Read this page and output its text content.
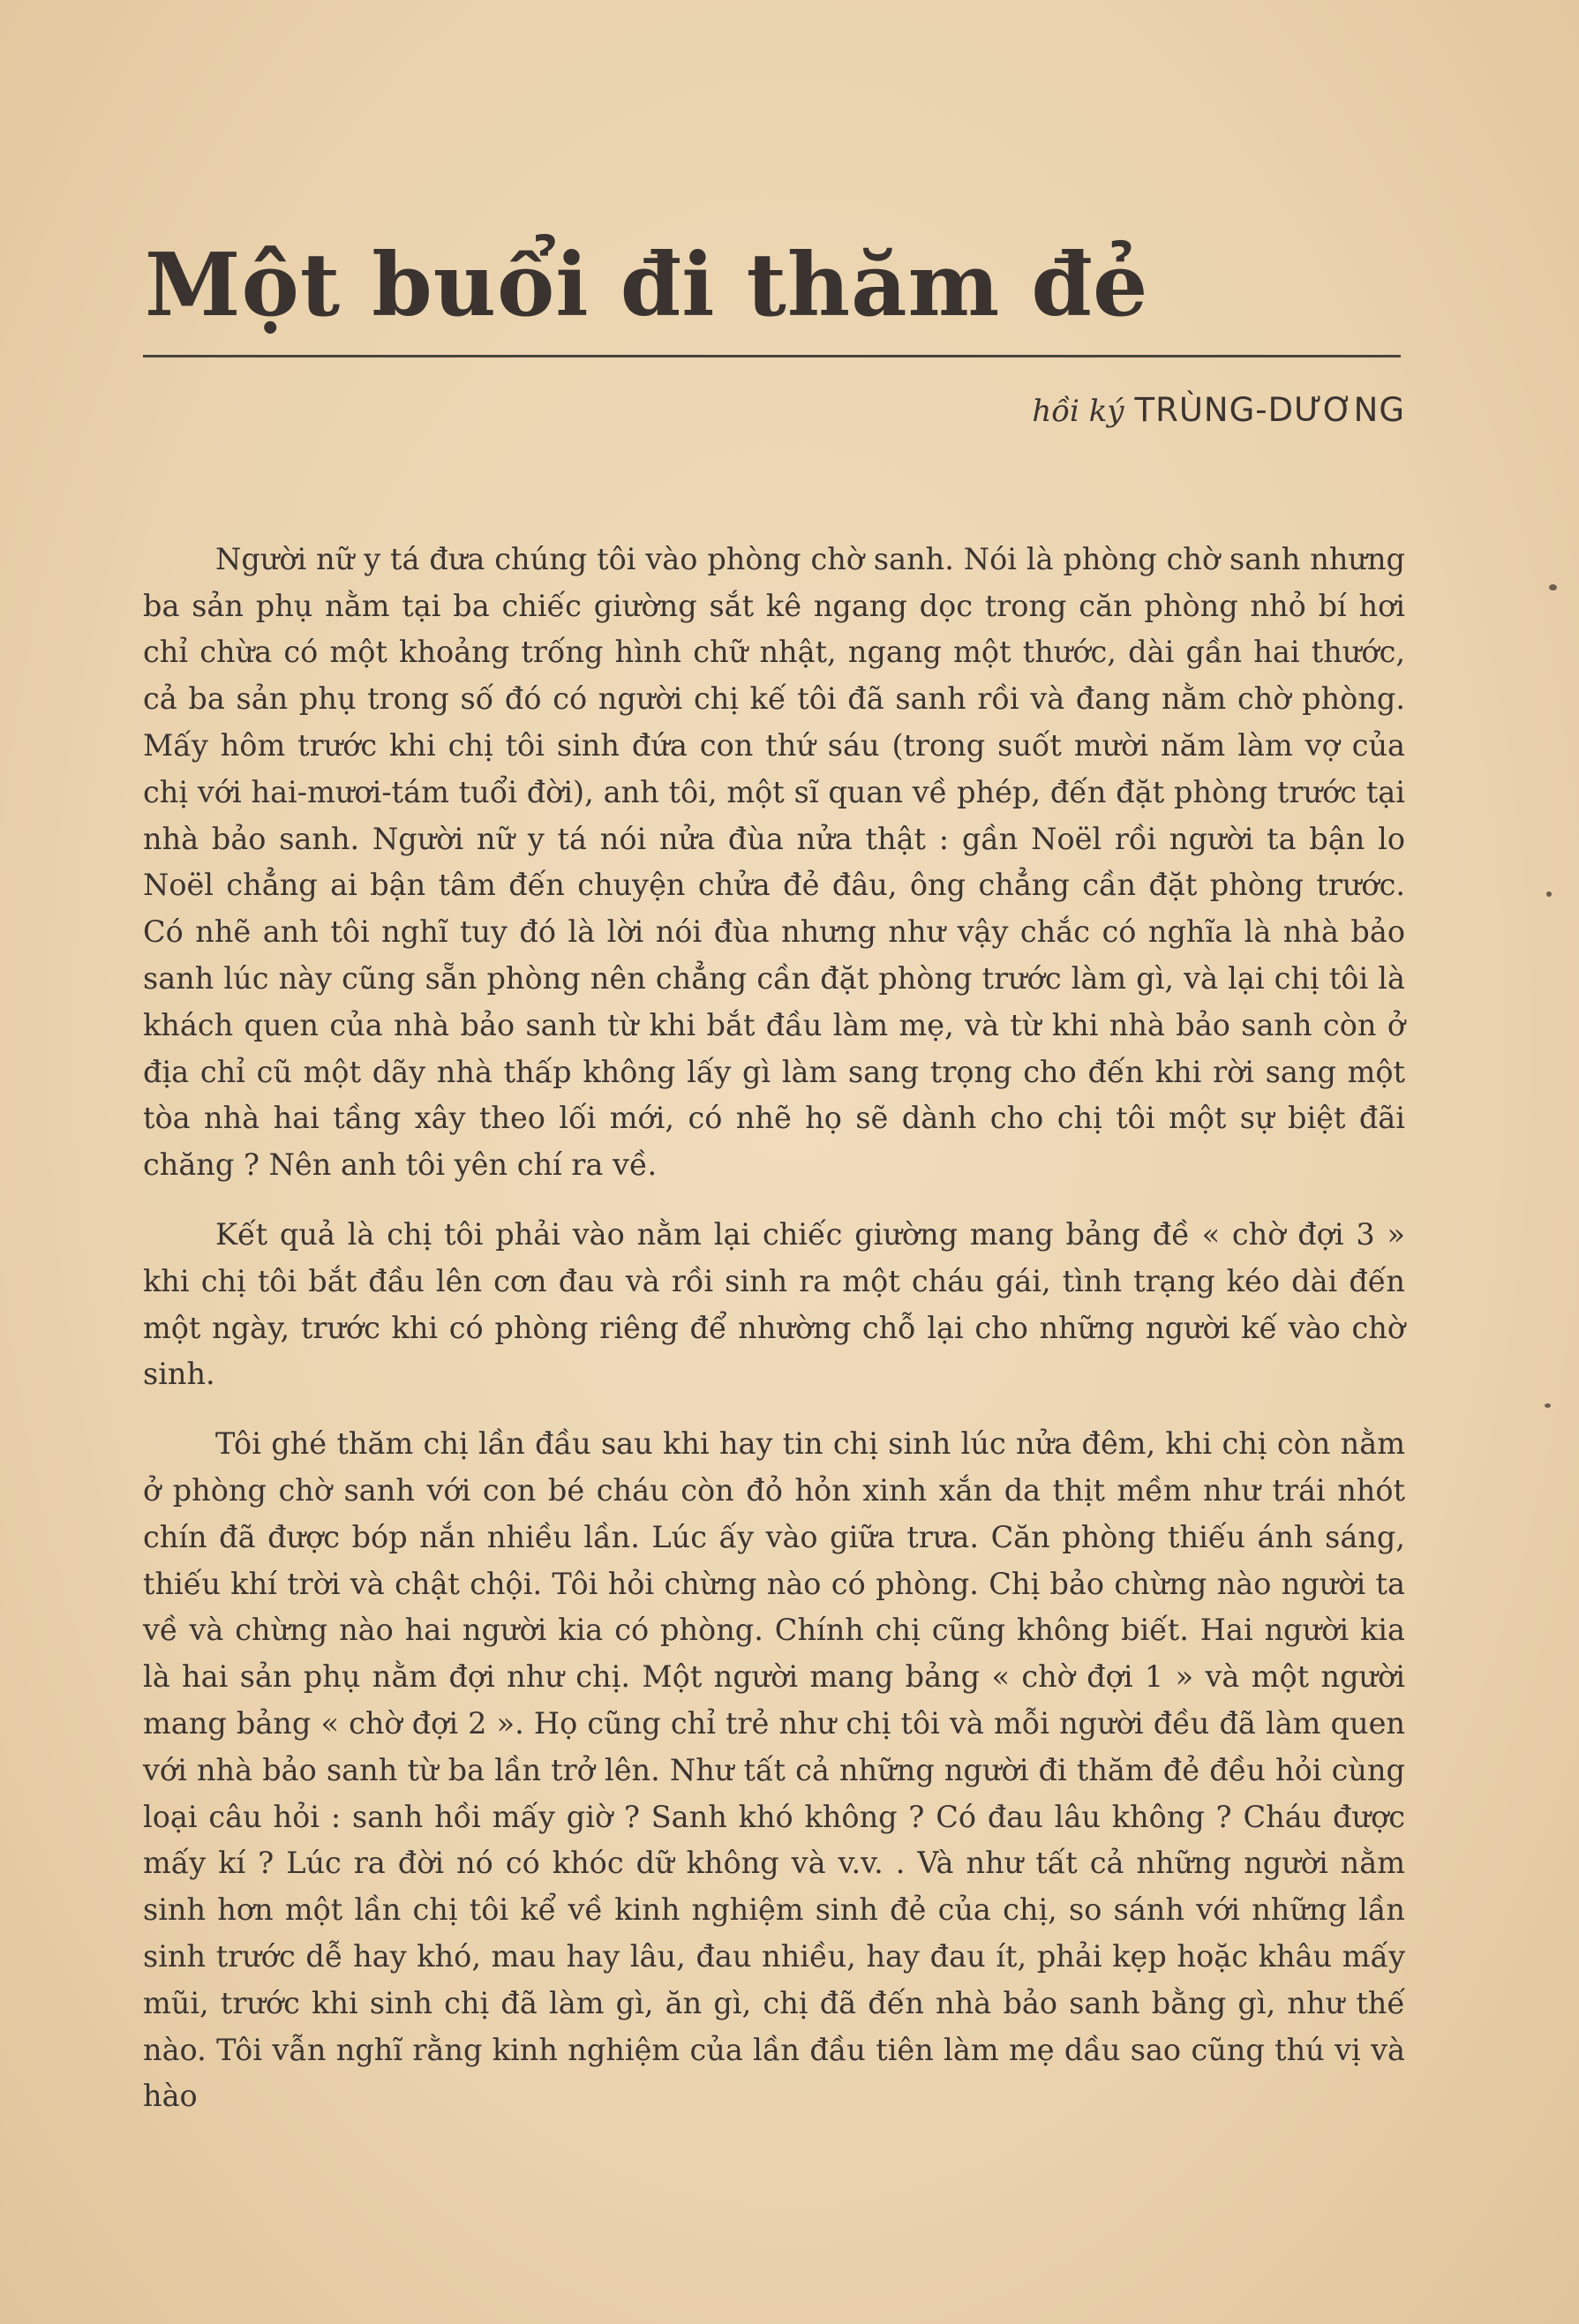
Một buổi đi thăm đẻ
hồi ký TRÙNG-DƯƠNG

Người nữ y tá đưa chúng tôi vào phòng chờ sanh. Nói là phòng chờ sanh nhưng ba sản phụ nằm tại ba chiếc giường sắt kê ngang dọc trong căn phòng nhỏ bí hơi chỉ chừa có một khoảng trống hình chữ nhật, ngang một thước, dài gần hai thước, cả ba sản phụ trong số đó có người chị kế tôi đã sanh rồi và đang nằm chờ phòng. Mấy hôm trước khi chị tôi sinh đứa con thứ sáu (trong suốt mười năm làm vợ của chị với hai-mươi-tám tuổi đời), anh tôi, một sĩ quan về phép, đến đặt phòng trước tại nhà bảo sanh. Người nữ y tá nói nửa đùa nửa thật : gần Noël rồi người ta bận lo Noël chẳng ai bận tâm đến chuyện chửa đẻ đâu, ông chẳng cần đặt phòng trước. Có nhẽ anh tôi nghĩ tuy đó là lời nói đùa nhưng như vậy chắc có nghĩa là nhà bảo sanh lúc này cũng sẵn phòng nên chẳng cần đặt phòng trước làm gì, và lại chị tôi là khách quen của nhà bảo sanh từ khi bắt đầu làm mẹ, và từ khi nhà bảo sanh còn ở địa chỉ cũ một dãy nhà thấp không lấy gì làm sang trọng cho đến khi rời sang một tòa nhà hai tầng xây theo lối mới, có nhẽ họ sẽ dành cho chị tôi một sự biệt đãi chăng ? Nên anh tôi yên chí ra về.

Kết quả là chị tôi phải vào nằm lại chiếc giường mang bảng đề « chờ đợi 3 » khi chị tôi bắt đầu lên cơn đau và rồi sinh ra một cháu gái, tình trạng kéo dài đến một ngày, trước khi có phòng riêng để nhường chỗ lại cho những người kế vào chờ sinh.

Tôi ghé thăm chị lần đầu sau khi hay tin chị sinh lúc nửa đêm, khi chị còn nằm ở phòng chờ sanh với con bé cháu còn đỏ hỏn xinh xắn da thịt mềm như trái nhót chín đã được bóp nắn nhiều lần. Lúc ấy vào giữa trưa. Căn phòng thiếu ánh sáng, thiếu khí trời và chật chội. Tôi hỏi chừng nào có phòng. Chị bảo chừng nào người ta về và chừng nào hai người kia có phòng. Chính chị cũng không biết. Hai người kia là hai sản phụ nằm đợi như chị. Một người mang bảng « chờ đợi 1 » và một người mang bảng « chờ đợi 2 ». Họ cũng chỉ trẻ như chị tôi và mỗi người đều đã làm quen với nhà bảo sanh từ ba lần trở lên. Như tất cả những người đi thăm đẻ đều hỏi cùng loại câu hỏi : sanh hồi mấy giờ ? Sanh khó không ? Có đau lâu không ? Cháu được mấy kí ? Lúc ra đời nó có khóc dữ không và v.v. . Và như tất cả những người nằm sinh hơn một lần chị tôi kể về kinh nghiệm sinh đẻ của chị, so sánh với những lần sinh trước dễ hay khó, mau hay lâu, đau nhiều, hay đau ít, phải kẹp hoặc khâu mấy mũi, trước khi sinh chị đã làm gì, ăn gì, chị đã đến nhà bảo sanh bằng gì, như thế nào. Tôi vẫn nghĩ rằng kinh nghiệm của lần đầu tiên làm mẹ dầu sao cũng thú vị và hào
